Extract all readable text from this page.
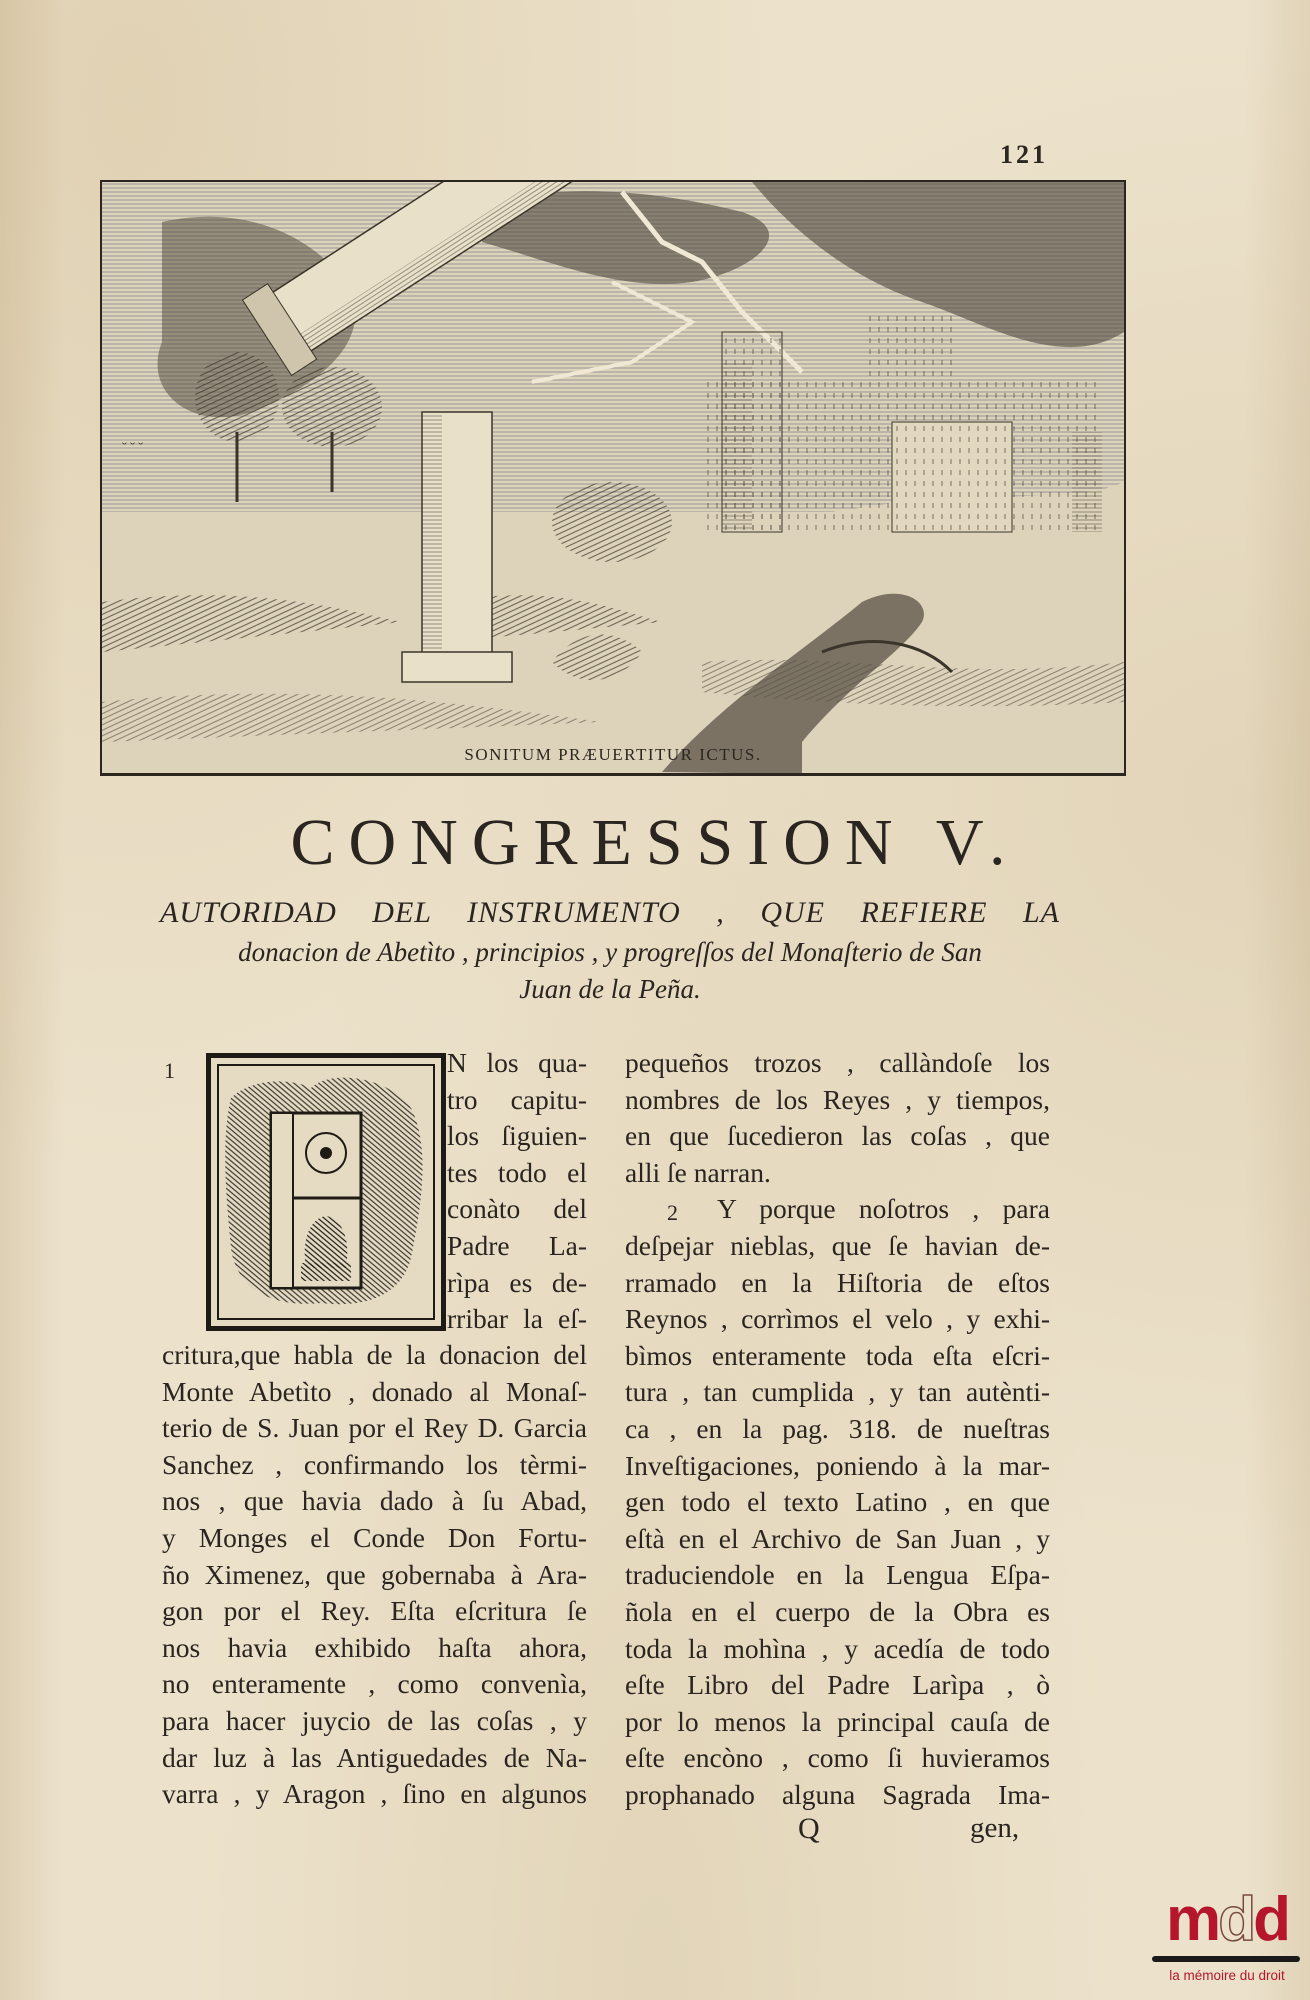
121
ˇ ˇ ˇ
SONITUM PRÆUERTITUR ICTUS.
CONGRESSION V.
AUTORIDAD DEL INSTRUMENTO , QUE REFIERE LA
donacion de Abetìto , principios , y progreſſos del Monaſterio de San
Juan de la Peña.
1	N los qua-
tro capitu-
los ſiguien-
tes todo el
conàto del
Padre La-
rìpa es de-
rribar la eſ-
critura,que habla de la donacion del
Monte Abetìto , donado al Monaſ-
terio de S. Juan por el Rey D. Garcia
Sanchez , confirmando los tèrmi-
nos , que havia dado à ſu Abad,
y Monges el Conde Don Fortu-
ño Ximenez, que gobernaba à Ara-
gon por el Rey. Eſta eſcritura ſe
nos havia exhibido haſta ahora,
no enteramente , como convenìa,
para hacer juycio de las coſas , y
dar luz à las Antiguedades de Na-
varra , y Aragon , ſino en algunos
pequeños trozos , callàndoſe los
nombres de los Reyes , y tiempos,
en que ſucedieron las coſas , que
alli ſe narran.
2	Y porque noſotros , para
deſpejar nieblas, que ſe havian de-
rramado en la Hiſtoria de eſtos
Reynos , corrìmos el velo , y exhi-
bìmos enteramente toda eſta eſcri-
tura , tan cumplida , y tan autènti-
ca , en la pag. 318. de nueſtras
Inveſtigaciones, poniendo à la mar-
gen todo el texto Latino , en que
eſtà en el Archivo de San Juan , y
traduciendole en la Lengua Eſpa-
ñola en el cuerpo de la Obra es
toda la mohìna , y acedía de todo
eſte Libro del Padre Larìpa , ò
por lo menos la principal cauſa de
eſte encòno , como ſi huvieramos
prophanado alguna Sagrada Ima-
Q	gen,
mdd
la mémoire du droit
